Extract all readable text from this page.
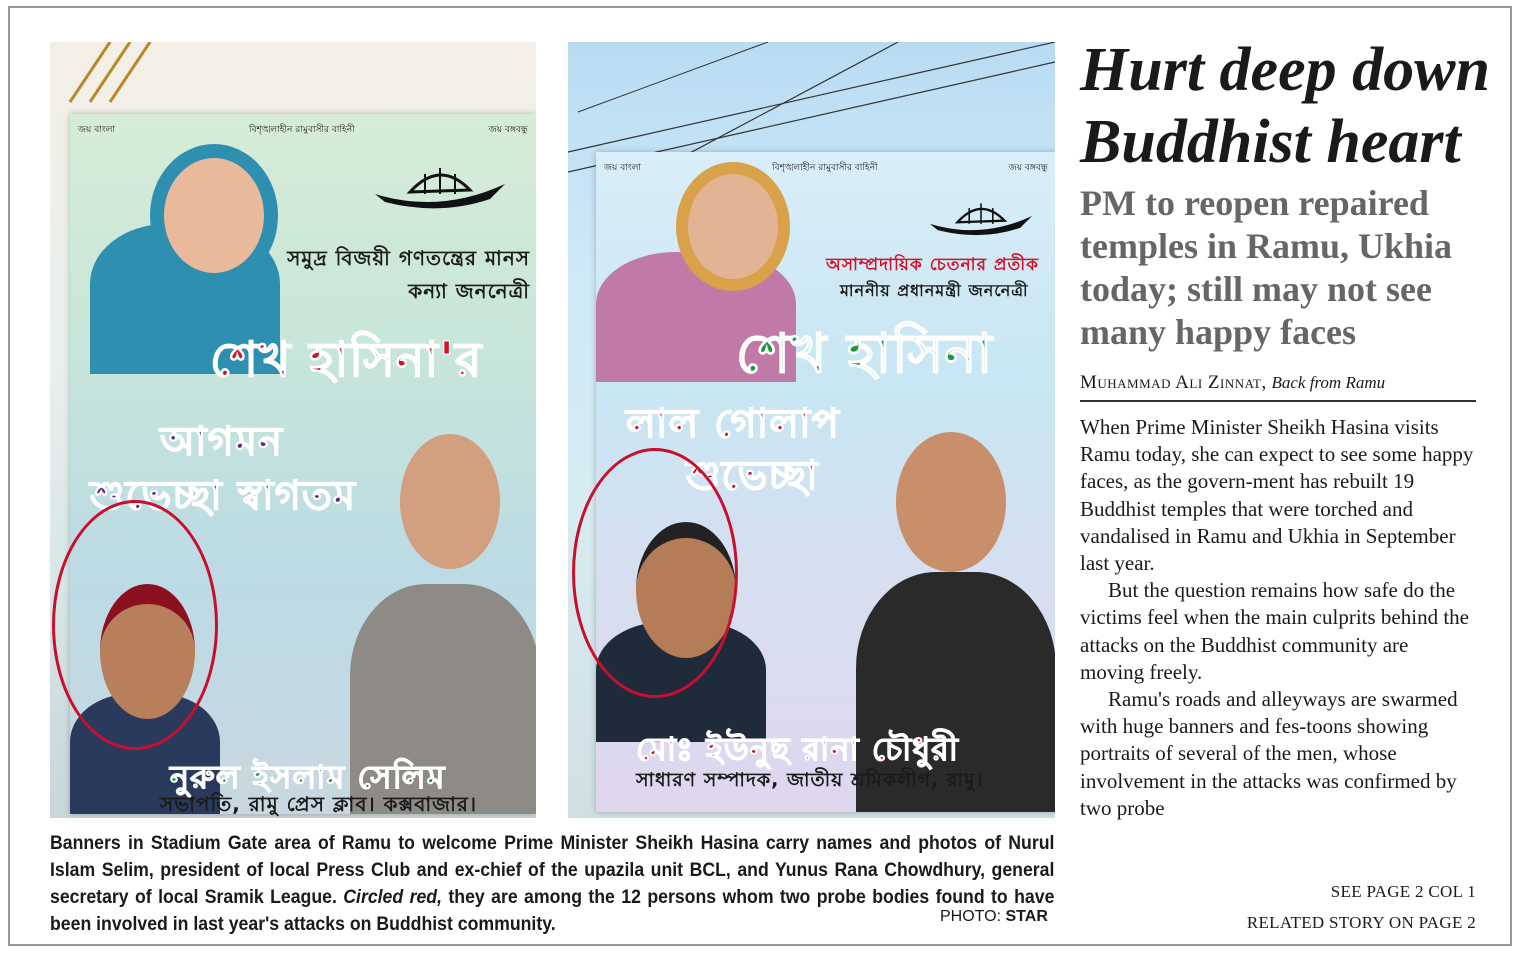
জয় বাংলা	বিশৃঙ্খলাহীন রামুবাসীর বাহিনী	জয় বঙ্গবন্ধু
সমুদ্র বিজয়ী গণতন্ত্রের মানস কন্যা জননেত্রী
শেখ হাসিনা'র
আগমন
শুভেচ্ছা স্বাগতম
নুরুল ইসলাম সেলিম
সভাপতি, রামু প্রেস ক্লাব। কক্সবাজার।
জয় বাংলা	বিশৃঙ্খলাহীন রামুবাসীর বাহিনী	জয় বঙ্গবন্ধু
অসাম্প্রদায়িক চেতনার প্রতীক
মাননীয় প্রধানমন্ত্রী জননেত্রী
শেখ হাসিনা
লাল গোলাপ
শুভেচ্ছা
মোঃ ইউনুছ রানা চৌধুরী
সাধারণ সম্পাদক, জাতীয় শ্রমিকলীগ, রামু।
Banners in Stadium Gate area of Ramu to welcome Prime Minister Sheikh Hasina carry names and photos of Nurul Islam Selim, president of local Press Club and ex-chief of the upazila unit BCL, and Yunus Rana Chowdhury, general secretary of local Sramik League. Circled red, they are among the 12 persons whom two probe bodies found to have been involved in last year's attacks on Buddhist community.	PHOTO: STAR
Hurt deep down
Buddhist heart
PM to reopen repaired temples in Ramu, Ukhia today; still may not see many happy faces
Muhammad Ali Zinnat, Back from Ramu

When Prime Minister Sheikh Hasina visits Ramu today, she can expect to see some happy faces, as the govern-ment has rebuilt 19 Buddhist temples that were torched and vandalised in Ramu and Ukhia in September last year.

But the question remains how safe do the victims feel when the main culprits behind the attacks on the Buddhist community are moving freely.

Ramu's roads and alleyways are swarmed with huge banners and fes-toons showing portraits of several of the men, whose involvement in the attacks was confirmed by two probe

SEE PAGE 2 COL 1
RELATED STORY ON PAGE 2
